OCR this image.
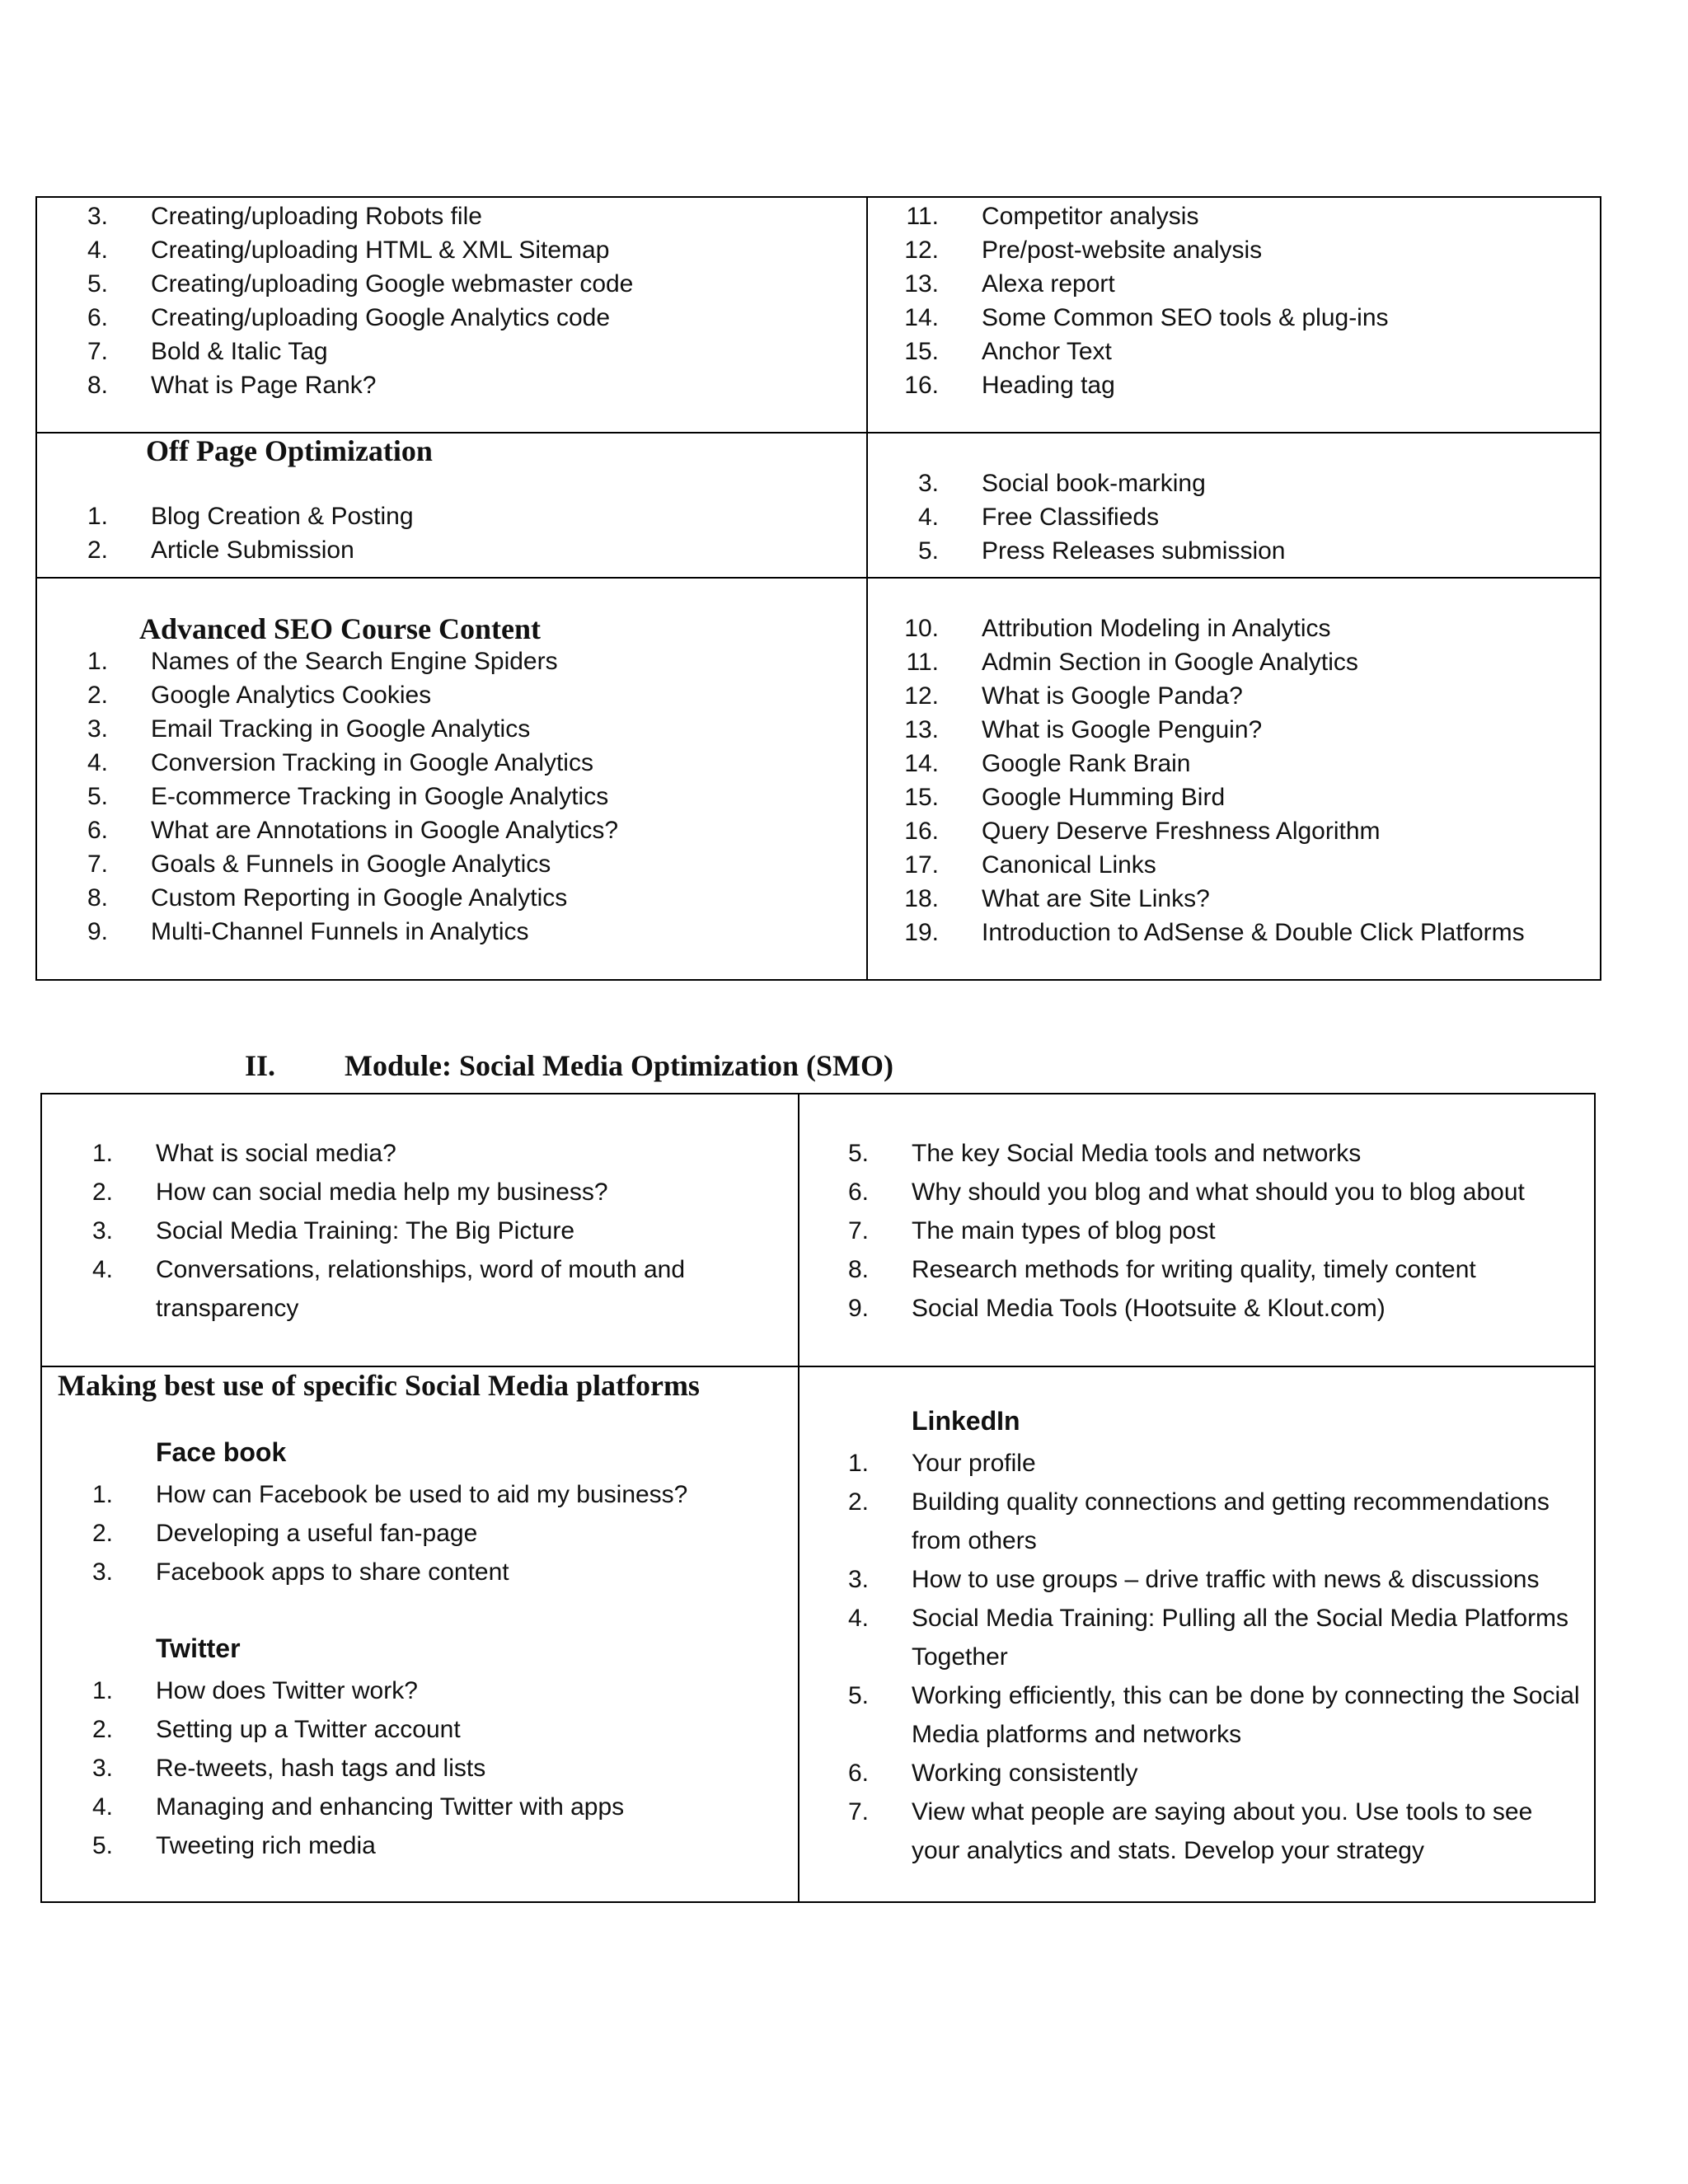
3. Creating/uploading Robots file
4. Creating/uploading HTML & XML Sitemap
5. Creating/uploading Google webmaster code
6. Creating/uploading Google Analytics code
7. Bold & Italic Tag
8. What is Page Rank?
11. Competitor analysis
12. Pre/post-website analysis
13. Alexa report
14. Some Common SEO tools & plug-ins
15. Anchor Text
16. Heading tag
Off Page Optimization
1. Blog Creation & Posting
2. Article Submission
3. Social book-marking
4. Free Classifieds
5. Press Releases submission
Advanced SEO Course Content
1. Names of the Search Engine Spiders
2. Google Analytics Cookies
3. Email Tracking in Google Analytics
4. Conversion Tracking in Google Analytics
5. E-commerce Tracking in Google Analytics
6. What are Annotations in Google Analytics?
7. Goals & Funnels in Google Analytics
8. Custom Reporting in Google Analytics
9. Multi-Channel Funnels in Analytics
10. Attribution Modeling in Analytics
11. Admin Section in Google Analytics
12. What is Google Panda?
13. What is Google Penguin?
14. Google Rank Brain
15. Google Humming Bird
16. Query Deserve Freshness Algorithm
17. Canonical Links
18. What are Site Links?
19. Introduction to AdSense & Double Click Platforms
II. Module: Social Media Optimization (SMO)
1. What is social media?
2. How can social media help my business?
3. Social Media Training: The Big Picture
4. Conversations, relationships, word of mouth and transparency
5. The key Social Media tools and networks
6. Why should you blog and what should you to blog about
7. The main types of blog post
8. Research methods for writing quality, timely content
9. Social Media Tools (Hootsuite & Klout.com)
Making best use of specific Social Media platforms
Face book
1. How can Facebook be used to aid my business?
2. Developing a useful fan-page
3. Facebook apps to share content
Twitter
1. How does Twitter work?
2. Setting up a Twitter account
3. Re-tweets, hash tags and lists
4. Managing and enhancing Twitter with apps
5. Tweeting rich media
LinkedIn
1. Your profile
2. Building quality connections and getting recommendations from others
3. How to use groups – drive traffic with news & discussions
4. Social Media Training: Pulling all the Social Media Platforms Together
5. Working efficiently, this can be done by connecting the Social Media platforms and networks
6. Working consistently
7. View what people are saying about you. Use tools to see your analytics and stats. Develop your strategy
